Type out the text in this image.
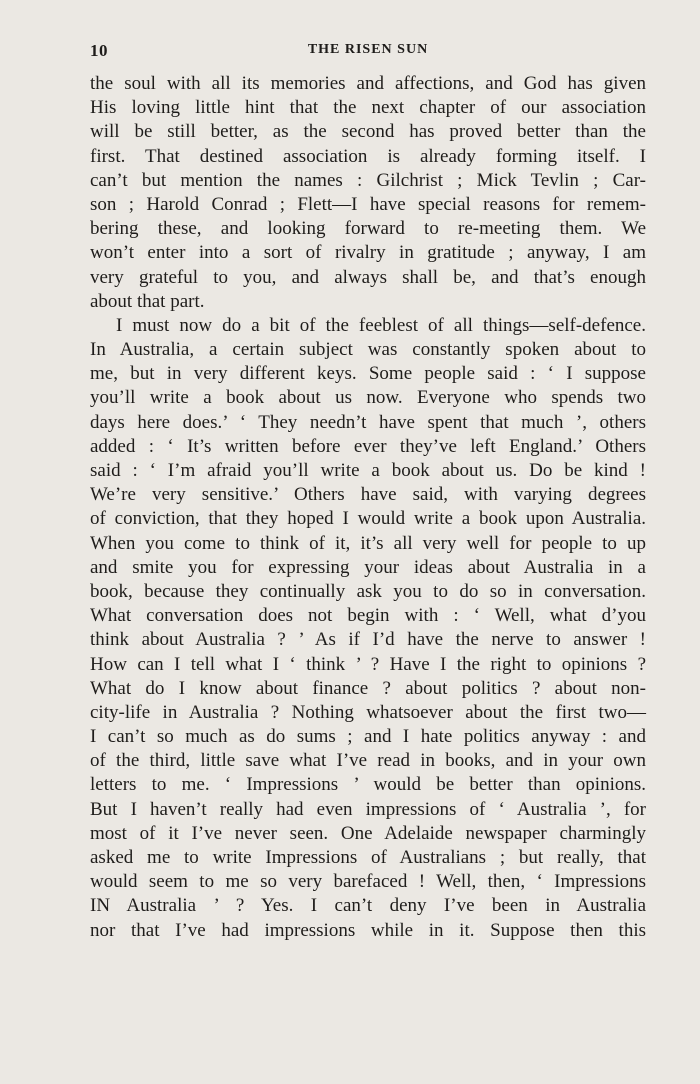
10	THE RISEN SUN
the soul with all its memories and affections, and God has given
His loving little hint that the next chapter of our association
will be still better, as the second has proved better than the
first. That destined association is already forming itself. I
can’t but mention the names : Gilchrist ; Mick Tevlin ; Car-
son ; Harold Conrad ; Flett—I have special reasons for remem-
bering these, and looking forward to re-meeting them. We
won’t enter into a sort of rivalry in gratitude ; anyway, I am
very grateful to you, and always shall be, and that’s enough
about that part.
I must now do a bit of the feeblest of all things—self-defence.
In Australia, a certain subject was constantly spoken about to
me, but in very different keys. Some people said : ‘ I suppose
you’ll write a book about us now. Everyone who spends two
days here does.’ ‘ They needn’t have spent that much ’, others
added : ‘ It’s written before ever they’ve left England.’ Others
said : ‘ I’m afraid you’ll write a book about us. Do be kind !
We’re very sensitive.’ Others have said, with varying degrees
of conviction, that they hoped I would write a book upon Australia.
When you come to think of it, it’s all very well for people to up
and smite you for expressing your ideas about Australia in a
book, because they continually ask you to do so in conversation.
What conversation does not begin with : ‘ Well, what d’you
think about Australia ? ’ As if I’d have the nerve to answer !
How can I tell what I ‘ think ’ ? Have I the right to opinions ?
What do I know about finance ? about politics ? about non-
city-life in Australia ? Nothing whatsoever about the first two—
I can’t so much as do sums ; and I hate politics anyway : and
of the third, little save what I’ve read in books, and in your own
letters to me. ‘ Impressions ’ would be better than opinions.
But I haven’t really had even impressions of ‘ Australia ’, for
most of it I’ve never seen. One Adelaide newspaper charmingly
asked me to write Impressions of Australians ; but really, that
would seem to me so very barefaced ! Well, then, ‘ Impressions
IN Australia ’ ? Yes. I can’t deny I’ve been in Australia
nor that I’ve had impressions while in it. Suppose then this
